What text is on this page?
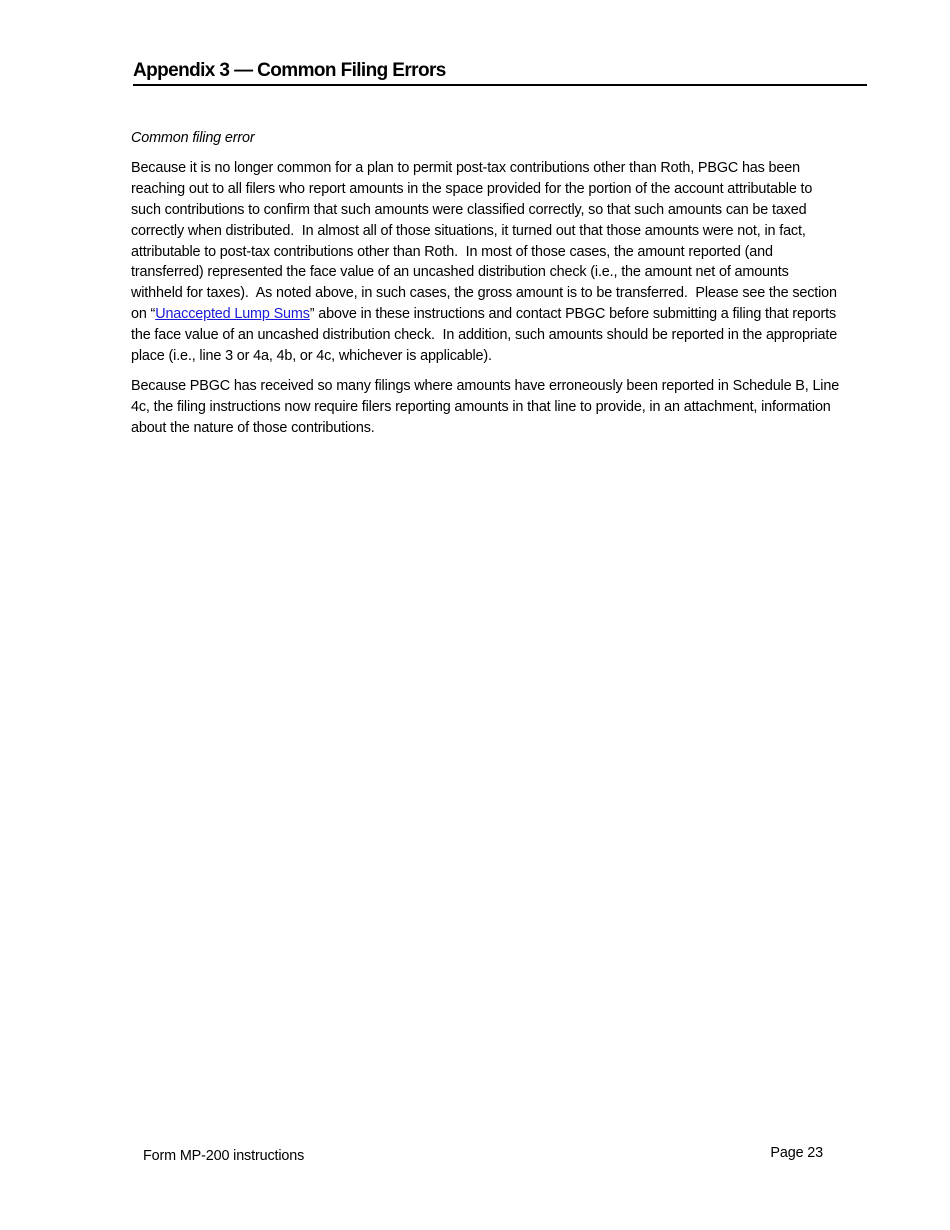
Appendix 3 — Common Filing Errors

Common filing error

Because it is no longer common for a plan to permit post-tax contributions other than Roth, PBGC has been reaching out to all filers who report amounts in the space provided for the portion of the account attributable to such contributions to confirm that such amounts were classified correctly, so that such amounts can be taxed correctly when distributed.  In almost all of those situations, it turned out that those amounts were not, in fact, attributable to post-tax contributions other than Roth.  In most of those cases, the amount reported (and transferred) represented the face value of an uncashed distribution check (i.e., the amount net of amounts withheld for taxes).  As noted above, in such cases, the gross amount is to be transferred.  Please see the section on “Unaccepted Lump Sums” above in these instructions and contact PBGC before submitting a filing that reports the face value of an uncashed distribution check.  In addition, such amounts should be reported in the appropriate place (i.e., line 3 or 4a, 4b, or 4c, whichever is applicable).

Because PBGC has received so many filings where amounts have erroneously been reported in Schedule B, Line 4c, the filing instructions now require filers reporting amounts in that line to provide, in an attachment, information about the nature of those contributions.

Form MP-200 instructions	Page 23
